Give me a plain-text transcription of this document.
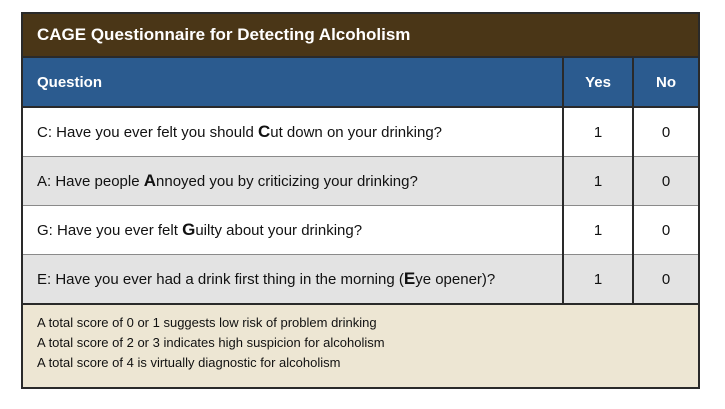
CAGE Questionnaire for Detecting Alcoholism
Question	Yes	No
C: Have you ever felt you should Cut down on your drinking?	1	0
A: Have people Annoyed you by criticizing your drinking?	1	0
G: Have you ever felt Guilty about your drinking?	1	0
E: Have you ever had a drink first thing in the morning (Eye opener)?	1	0
A total score of 0 or 1 suggests low risk of problem drinking
A total score of 2 or 3 indicates high suspicion for alcoholism
A total score of 4 is virtually diagnostic for alcoholism
